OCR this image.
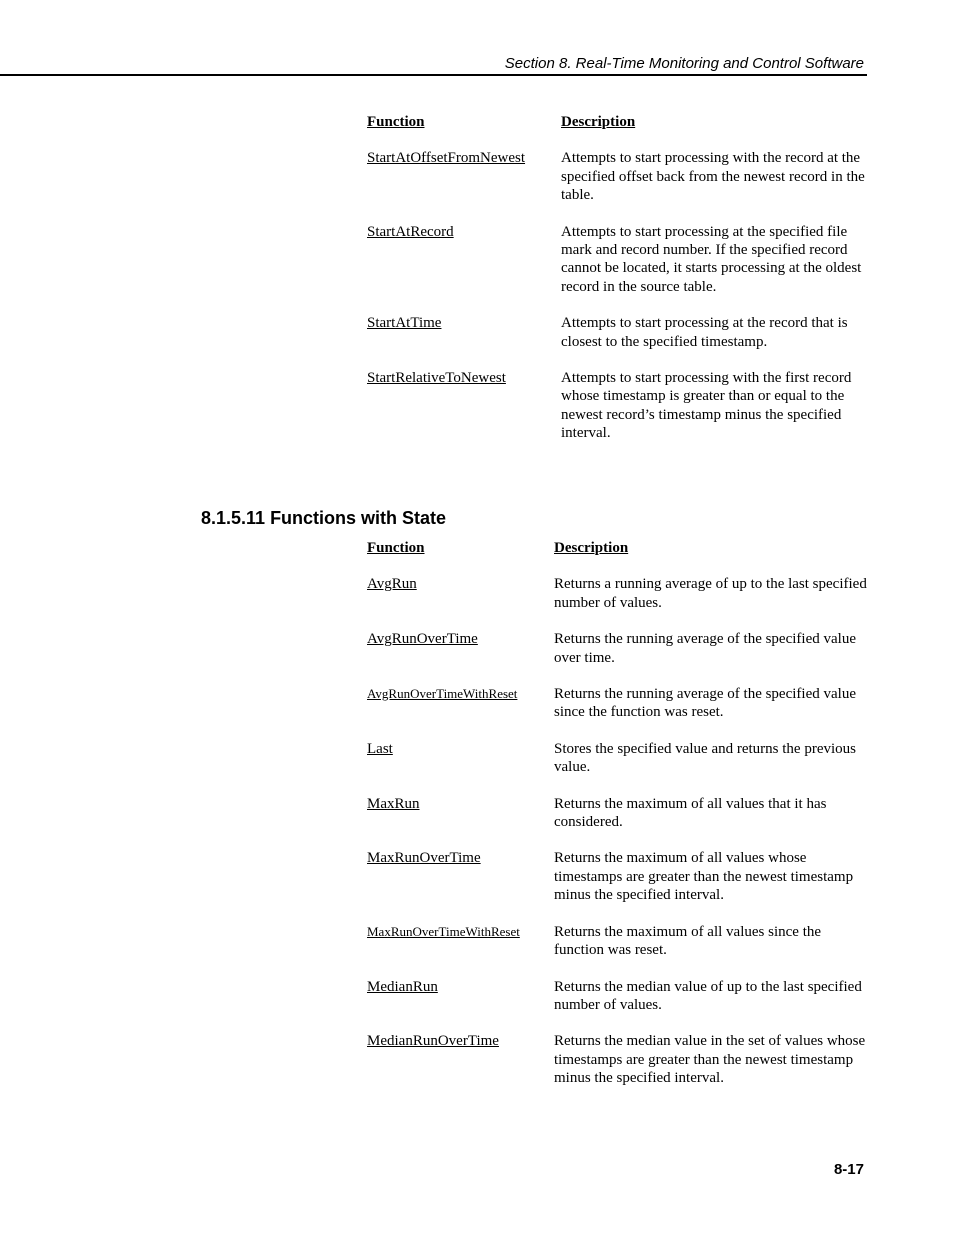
Section 8. Real-Time Monitoring and Control Software
Function	Description
StartAtOffsetFromNewest	Attempts to start processing with the record at the specified offset back from the newest record in the table.
StartAtRecord	Attempts to start processing at the specified file mark and record number. If the specified record cannot be located, it starts processing at the oldest record in the source table.
StartAtTime	Attempts to start processing at the record that is closest to the specified timestamp.
StartRelativeToNewest	Attempts to start processing with the first record whose timestamp is greater than or equal to the newest record’s timestamp minus the specified interval.
8.1.5.11 Functions with State
Function	Description
AvgRun	Returns a running average of up to the last specified number of values.
AvgRunOverTime	Returns the running average of the specified value over time.
AvgRunOverTimeWithReset	Returns the running average of the specified value since the function was reset.
Last	Stores the specified value and returns the previous value.
MaxRun	Returns the maximum of all values that it has considered.
MaxRunOverTime	Returns the maximum of all values whose timestamps are greater than the newest timestamp minus the specified interval.
MaxRunOverTimeWithReset	Returns the maximum of all values since the function was reset.
MedianRun	Returns the median value of up to the last specified number of values.
MedianRunOverTime	Returns the median value in the set of values whose timestamps are greater than the newest timestamp minus the specified interval.
8-17
